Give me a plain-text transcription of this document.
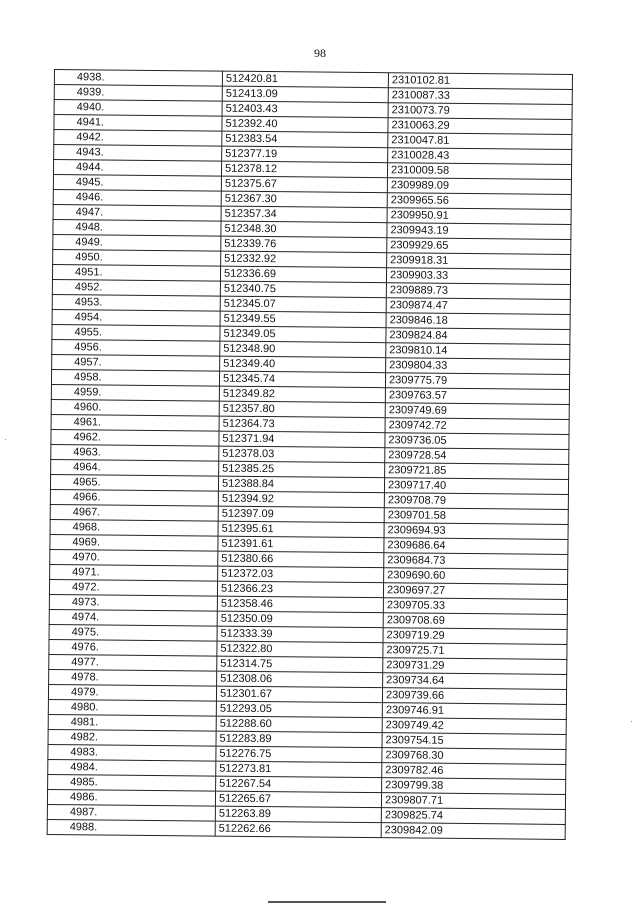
98
4938.	512420.81	2310102.81
4939.	512413.09	2310087.33
4940.	512403.43	2310073.79
4941.	512392.40	2310063.29
4942.	512383.54	2310047.81
4943.	512377.19	2310028.43
4944.	512378.12	2310009.58
4945.	512375.67	2309989.09
4946.	512367.30	2309965.56
4947.	512357.34	2309950.91
4948.	512348.30	2309943.19
4949.	512339.76	2309929.65
4950.	512332.92	2309918.31
4951.	512336.69	2309903.33
4952.	512340.75	2309889.73
4953.	512345.07	2309874.47
4954.	512349.55	2309846.18
4955.	512349.05	2309824.84
4956.	512348.90	2309810.14
4957.	512349.40	2309804.33
4958.	512345.74	2309775.79
4959.	512349.82	2309763.57
4960.	512357.80	2309749.69
4961.	512364.73	2309742.72
4962.	512371.94	2309736.05
4963.	512378.03	2309728.54
4964.	512385.25	2309721.85
4965.	512388.84	2309717.40
4966.	512394.92	2309708.79
4967.	512397.09	2309701.58
4968.	512395.61	2309694.93
4969.	512391.61	2309686.64
4970.	512380.66	2309684.73
4971.	512372.03	2309690.60
4972.	512366.23	2309697.27
4973.	512358.46	2309705.33
4974.	512350.09	2309708.69
4975.	512333.39	2309719.29
4976.	512322.80	2309725.71
4977.	512314.75	2309731.29
4978.	512308.06	2309734.64
4979.	512301.67	2309739.66
4980.	512293.05	2309746.91
4981.	512288.60	2309749.42
4982.	512283.89	2309754.15
4983.	512276.75	2309768.30
4984.	512273.81	2309782.46
4985.	512267.54	2309799.38
4986.	512265.67	2309807.71
4987.	512263.89	2309825.74
4988.	512262.66	2309842.09
·
·
